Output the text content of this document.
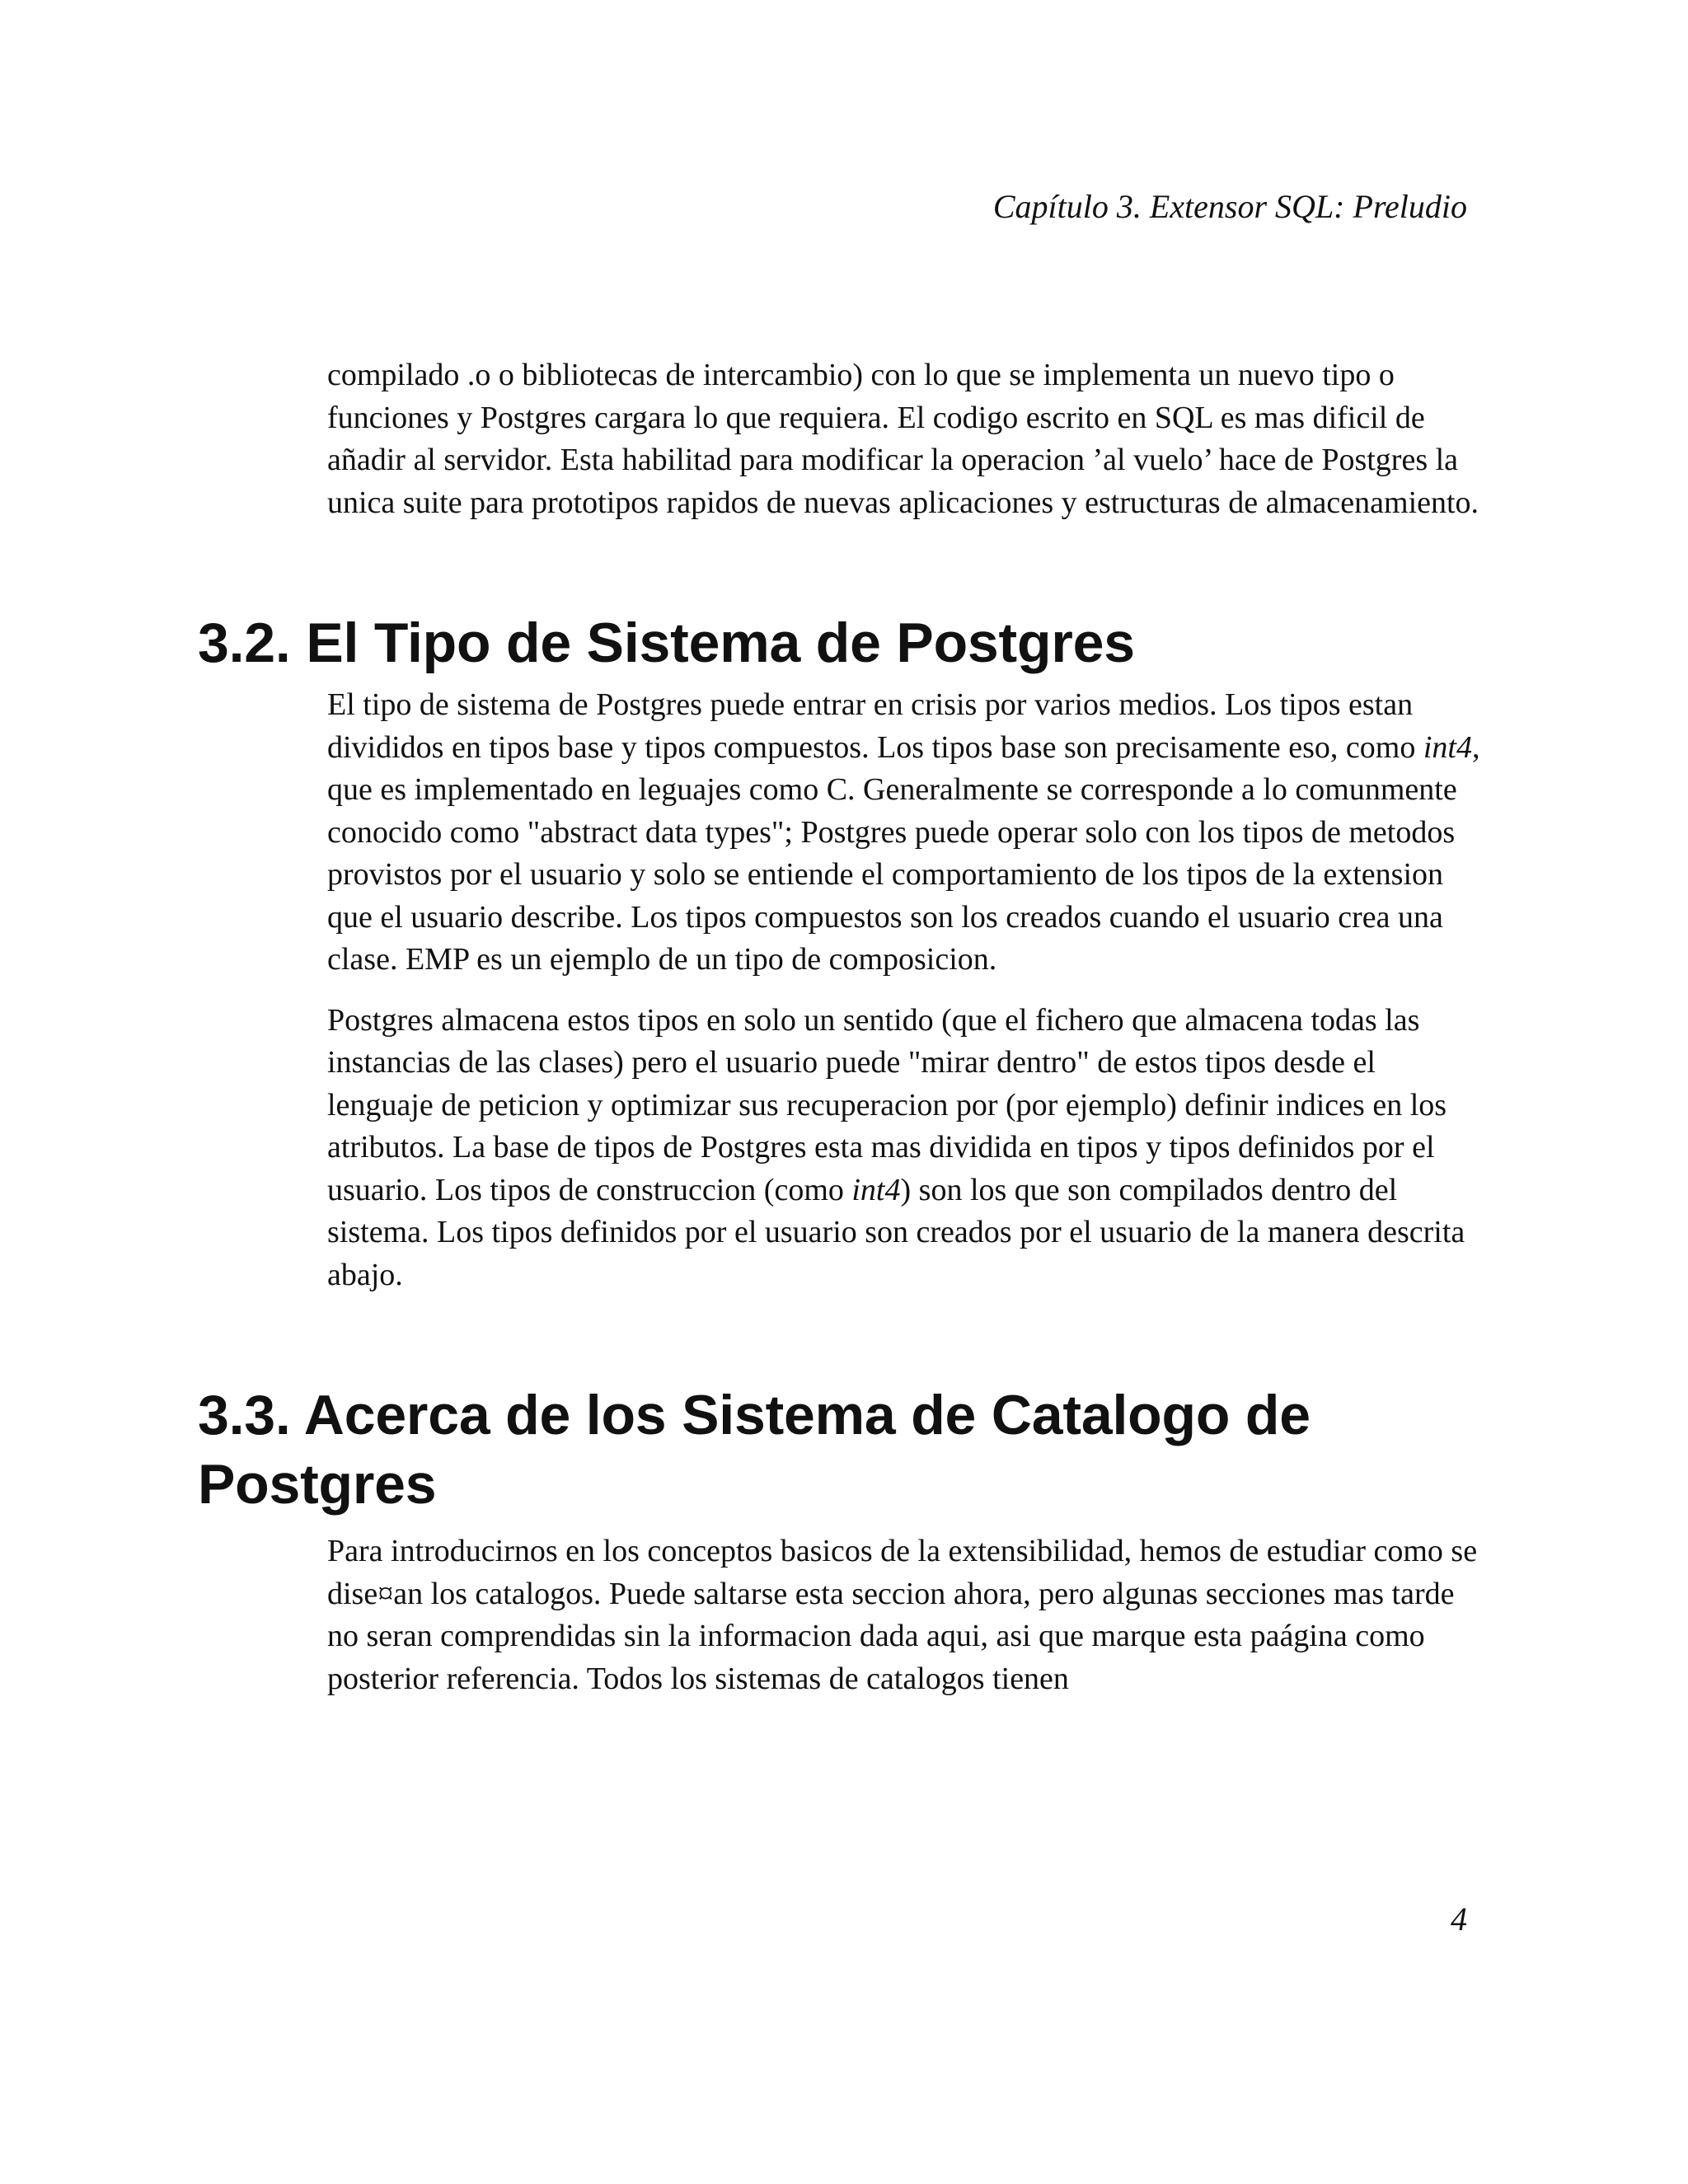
Capítulo 3. Extensor SQL: Preludio

compilado .o o bibliotecas de intercambio) con lo que se implementa un nuevo tipo o funciones y Postgres cargara lo que requiera. El codigo escrito en SQL es mas dificil de añadir al servidor. Esta habilitad para modificar la operacion ’al vuelo’ hace de Postgres la unica suite para prototipos rapidos de nuevas aplicaciones y estructuras de almacenamiento.

3.2. El Tipo de Sistema de Postgres

El tipo de sistema de Postgres puede entrar en crisis por varios medios. Los tipos estan divididos en tipos base y tipos compuestos. Los tipos base son precisamente eso, como int4, que es implementado en leguajes como C. Generalmente se corresponde a lo comunmente conocido como "abstract data types"; Postgres puede operar solo con los tipos de metodos provistos por el usuario y solo se entiende el comportamiento de los tipos de la extension que el usuario describe. Los tipos compuestos son los creados cuando el usuario crea una clase. EMP es un ejemplo de un tipo de composicion.

Postgres almacena estos tipos en solo un sentido (que el fichero que almacena todas las instancias de las clases) pero el usuario puede "mirar dentro" de estos tipos desde el lenguaje de peticion y optimizar sus recuperacion por (por ejemplo) definir indices en los atributos. La base de tipos de Postgres esta mas dividida en tipos y tipos definidos por el usuario. Los tipos de construccion (como int4) son los que son compilados dentro del sistema. Los tipos definidos por el usuario son creados por el usuario de la manera descrita abajo.

3.3. Acerca de los Sistema de Catalogo de Postgres

Para introducirnos en los conceptos basicos de la extensibilidad, hemos de estudiar como se dise¤an los catalogos. Puede saltarse esta seccion ahora, pero algunas secciones mas tarde no seran comprendidas sin la informacion dada aqui, asi que marque esta paágina como posterior referencia. Todos los sistemas de catalogos tienen

4
